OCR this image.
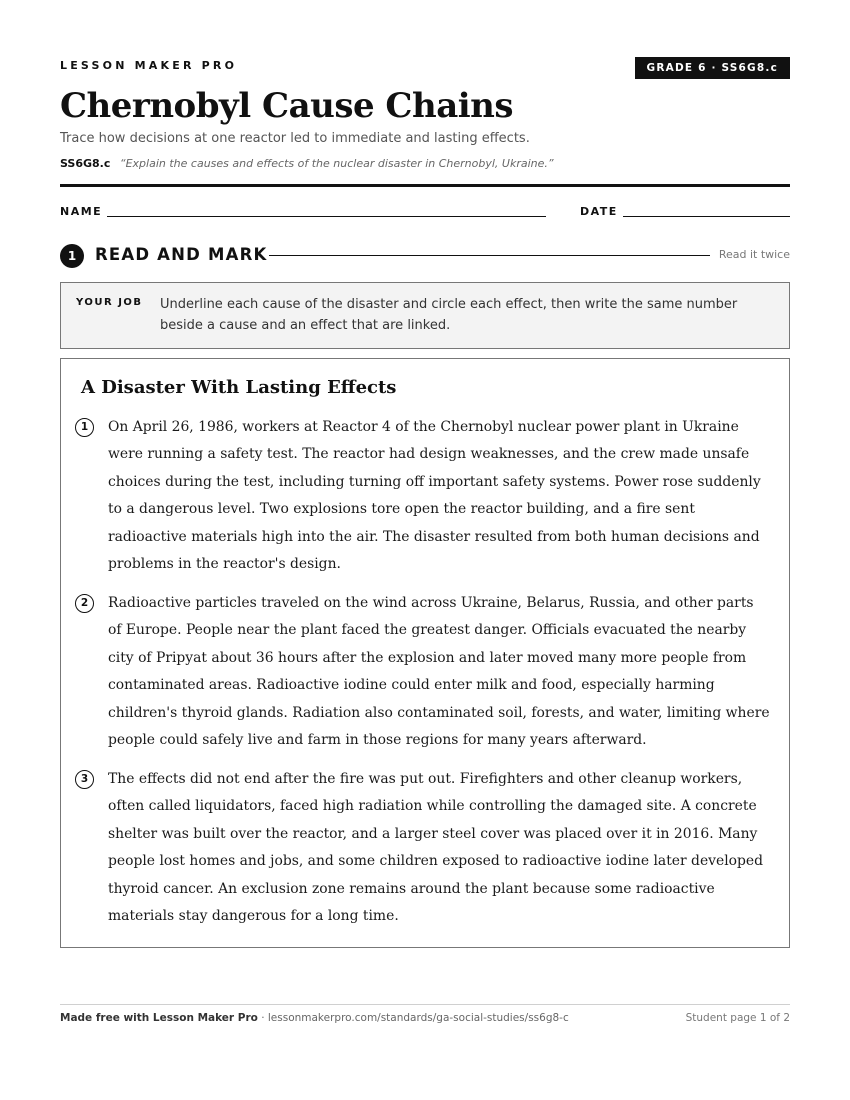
LESSON MAKER PRO	GRADE 6 · SS6G8.c
Chernobyl Cause Chains
Trace how decisions at one reactor led to immediate and lasting effects.
SS6G8.c “Explain the causes and effects of the nuclear disaster in Chernobyl, Ukraine.”
NAME	DATE
1	READ AND MARK	Read it twice
YOUR JOB Underline each cause of the disaster and circle each effect, then write the same number beside a cause and an effect that are linked.
A Disaster With Lasting Effects
1	On April 26, 1986, workers at Reactor 4 of the Chernobyl nuclear power plant in Ukraine were running a safety test. The reactor had design weaknesses, and the crew made unsafe choices during the test, including turning off important safety systems. Power rose suddenly to a dangerous level. Two explosions tore open the reactor building, and a fire sent radioactive materials high into the air. The disaster resulted from both human decisions and problems in the reactor's design.

2	Radioactive particles traveled on the wind across Ukraine, Belarus, Russia, and other parts of Europe. People near the plant faced the greatest danger. Officials evacuated the nearby city of Pripyat about 36 hours after the explosion and later moved many more people from contaminated areas. Radioactive iodine could enter milk and food, especially harming children's thyroid glands. Radiation also contaminated soil, forests, and water, limiting where people could safely live and farm in those regions for many years afterward.

3	The effects did not end after the fire was put out. Firefighters and other cleanup workers, often called liquidators, faced high radiation while controlling the damaged site. A concrete shelter was built over the reactor, and a larger steel cover was placed over it in 2016. Many people lost homes and jobs, and some children exposed to radioactive iodine later developed thyroid cancer. An exclusion zone remains around the plant because some radioactive materials stay dangerous for a long time.

Made free with Lesson Maker Pro · lessonmakerpro.com/standards/ga-social-studies/ss6g8-c	Student page 1 of 2
